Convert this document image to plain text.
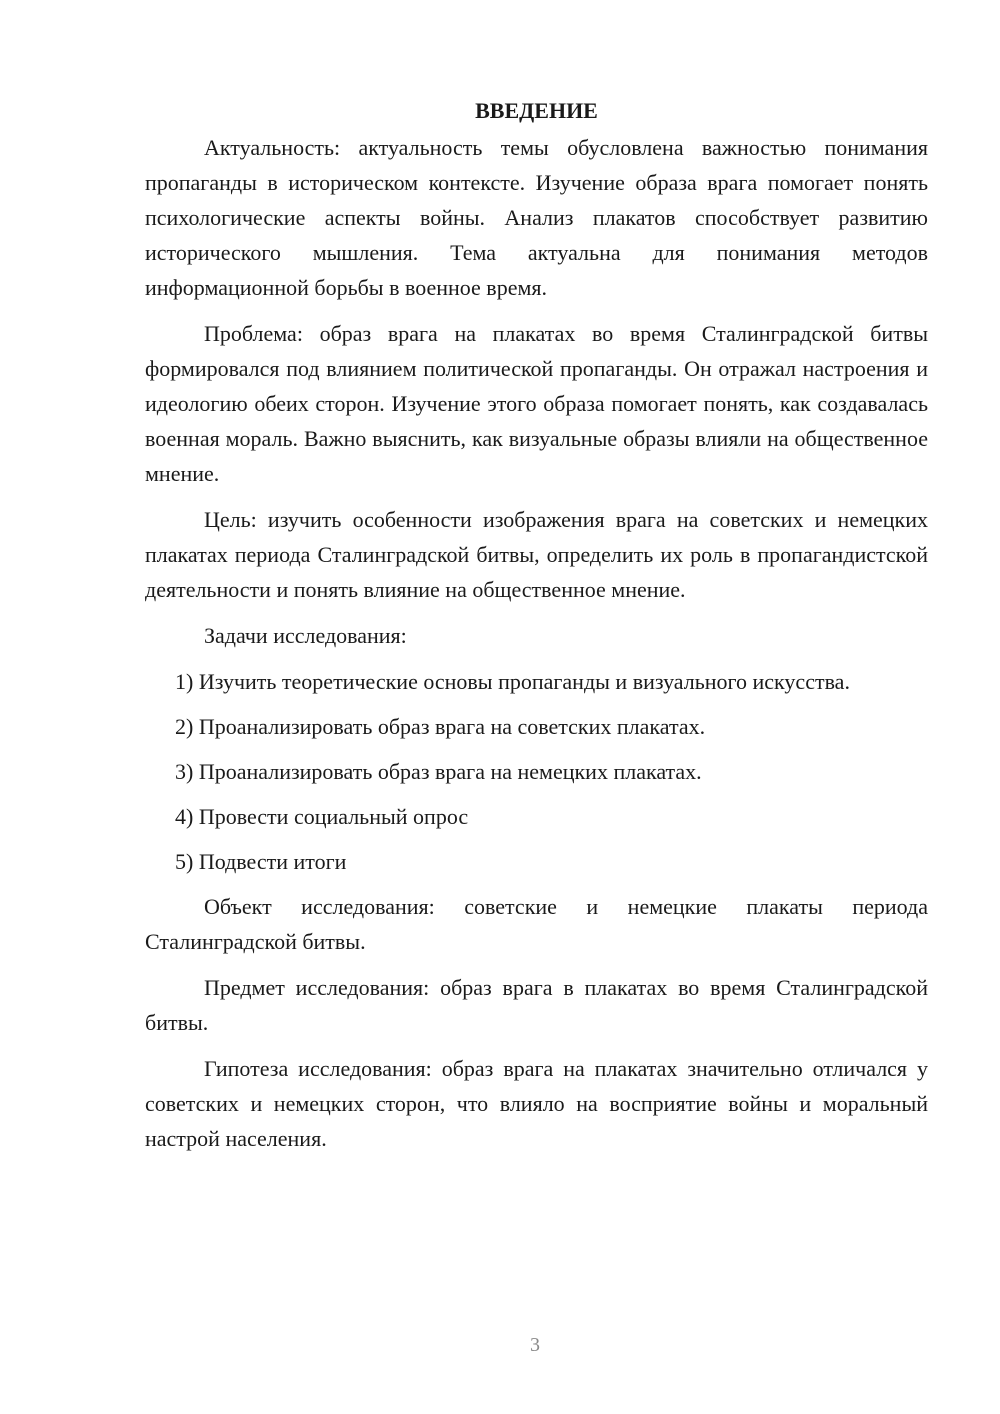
ВВЕДЕНИЕ

Актуальность: актуальность темы обусловлена важностью понимания пропаганды в историческом контексте. Изучение образа врага помогает понять психологические аспекты войны. Анализ плакатов способствует развитию исторического мышления. Тема актуальна для понимания методов информационной борьбы в военное время.

Проблема: образ врага на плакатах во время Сталинградской битвы формировался под влиянием политической пропаганды. Он отражал настроения и идеологию обеих сторон. Изучение этого образа помогает понять, как создавалась военная мораль. Важно выяснить, как визуальные образы влияли на общественное мнение.

Цель: изучить особенности изображения врага на советских и немецких плакатах периода Сталинградской битвы, определить их роль в пропагандистской деятельности и понять влияние на общественное мнение.

Задачи исследования:

1) Изучить теоретические основы пропаганды и визуального искусства.

2) Проанализировать образ врага на советских плакатах.

3) Проанализировать образ врага на немецких плакатах.

4) Провести социальный опрос

5) Подвести итоги

Объект исследования: советские и немецкие плакаты периода Сталинградской битвы.

Предмет исследования: образ врага в плакатах во время Сталинградской битвы.

Гипотеза исследования: образ врага на плакатах значительно отличался у советских и немецких сторон, что влияло на восприятие войны и моральный настрой населения.

3
